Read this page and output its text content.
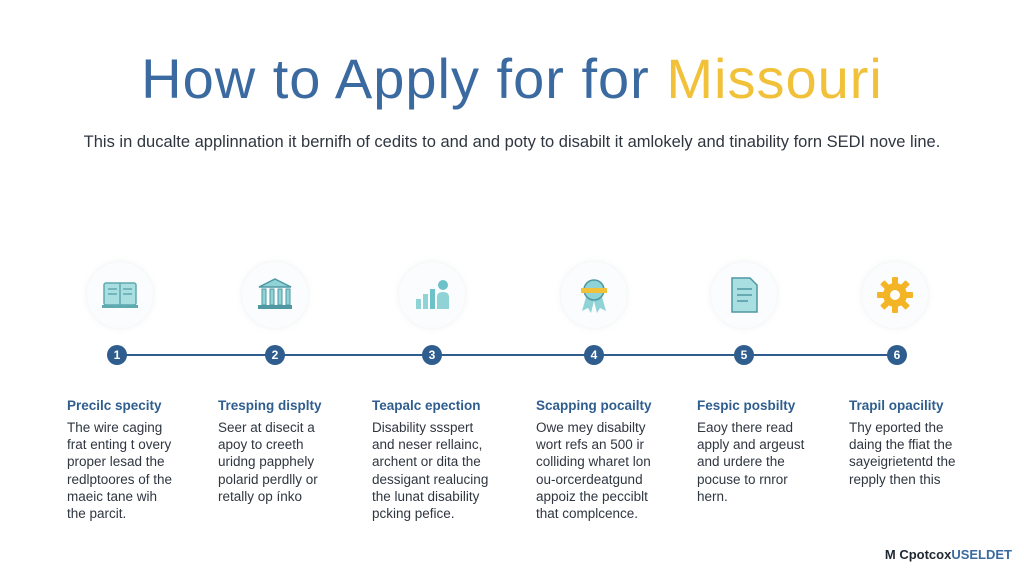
How to Apply for for Missouri
This in ducalte applinnation it bernifh of cedits to and and poty to disabilt it amlokely and tinability forn SEDI nove line.
1	2	3	4	5	6
Precilc specity
The wire caging
frat enting t overy
proper lesad the
redlptoores of the
maeic tane wih
the parcit.
Tresping displty
Seer at disecit a
apoy to creeth
uridng papphely
polarid perdlly or
retally op ínko
Teapalc epection
Disability ssspert
and neser rellainc,
archent or dita the
dessigant realucing
the lunat disability
pcking pefice.
Scapping pocailty
Owe mey disabilty
wort refs an 500 ir
colliding wharet lon
ou-orcerdeatgund
appoiz the pecciblt
that complcence.
Fespic posbilty
Eaoy there read
apply and argeust
and urdere the
pocuse to rnror
hern.
Trapil opacility
Thy eported the
daing the ffiat the
sayeigrietentd the
repply then this
M CpotcoxUSELDET
